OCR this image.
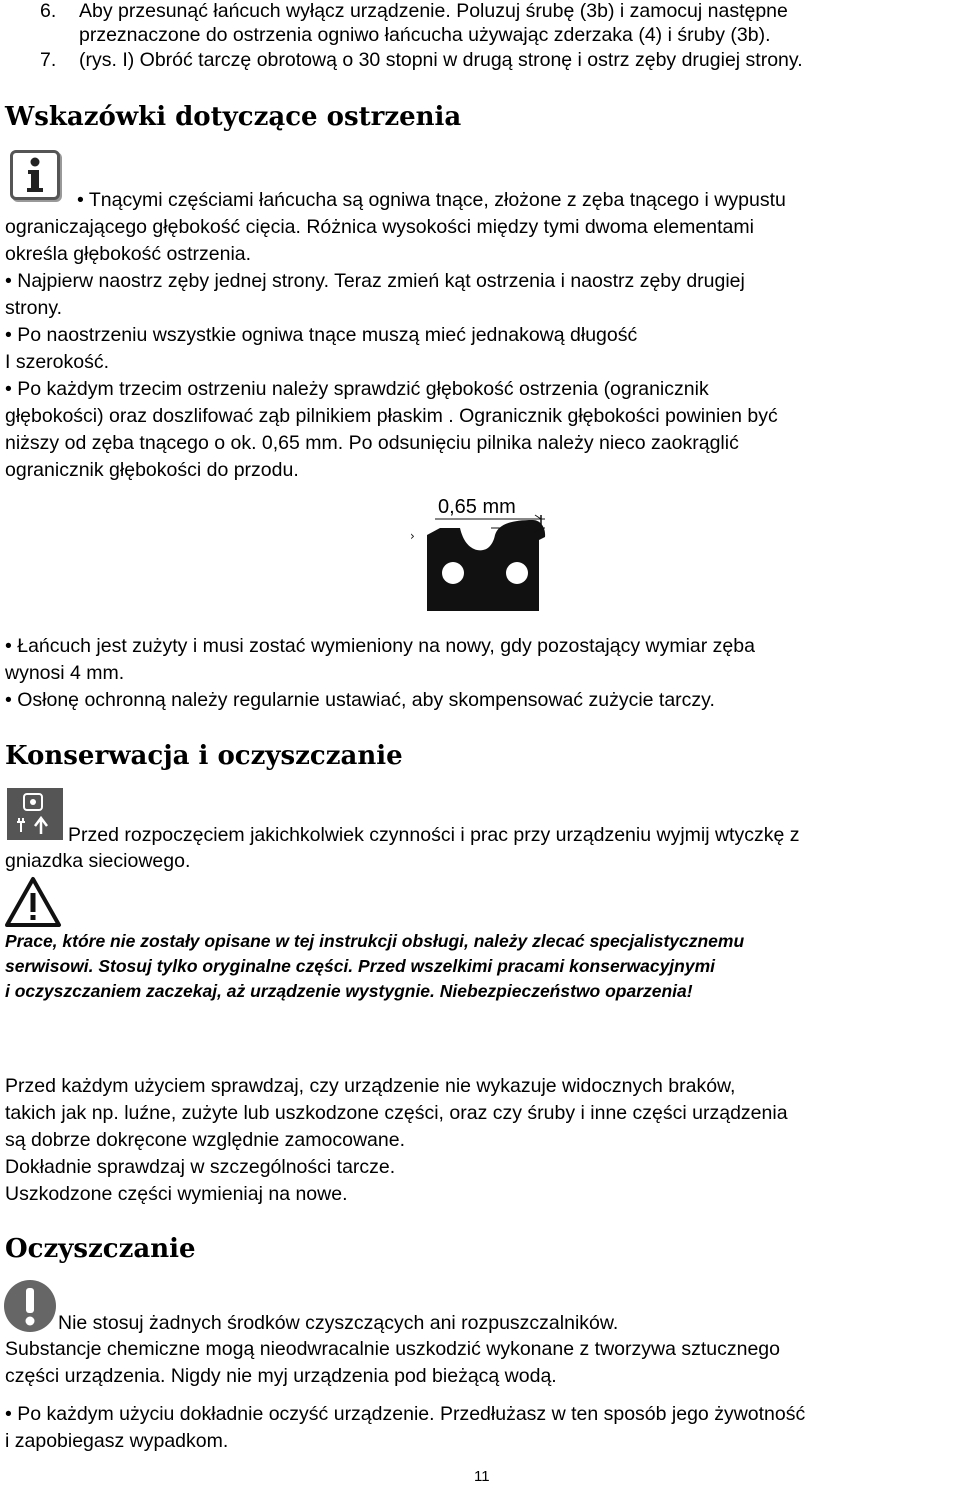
6. Aby przesunąć łańcuch wyłącz urządzenie. Poluzuj śrubę (3b) i zamocuj następne
przeznaczone do ostrzenia ogniwo łańcucha używając zderzaka (4) i śruby (3b).
7. (rys. I) Obróć tarczę obrotową o 30 stopni w drugą stronę i ostrz zęby drugiej strony.
Wskazówki dotyczące ostrzenia
• Tnącymi częściami łańcucha są ogniwa tnące, złożone z zęba tnącego i wypustu
ograniczającego głębokość cięcia. Różnica wysokości między tymi dwoma elementami
określa głębokość ostrzenia.
• Najpierw naostrz zęby jednej strony. Teraz zmień kąt ostrzenia i naostrz zęby drugiej
strony.
• Po naostrzeniu wszystkie ogniwa tnące muszą mieć jednakową długość
I szerokość.
• Po każdym trzecim ostrzeniu należy sprawdzić głębokość ostrzenia (ogranicznik
głębokości) oraz doszlifować ząb pilnikiem płaskim . Ogranicznik głębokości powinien być
niższy od zęba tnącego o ok. 0,65 mm. Po odsunięciu pilnika należy nieco zaokrąglić
ogranicznik głębokości do przodu.
›
0,65 mm
• Łańcuch jest zużyty i musi zostać wymieniony na nowy, gdy pozostający wymiar zęba
wynosi 4 mm.
• Osłonę ochronną należy regularnie ustawiać, aby skompensować zużycie tarczy.
Konserwacja i oczyszczanie
Przed rozpoczęciem jakichkolwiek czynności i prac przy urządzeniu wyjmij wtyczkę z
gniazdka sieciowego.
Prace, które nie zostały opisane w tej instrukcji obsługi, należy zlecać specjalistycznemu
serwisowi. Stosuj tylko oryginalne części. Przed wszelkimi pracami konserwacyjnymi
i oczyszczaniem zaczekaj, aż urządzenie wystygnie. Niebezpieczeństwo oparzenia!
Przed każdym użyciem sprawdzaj, czy urządzenie nie wykazuje widocznych braków,
takich jak np. luźne, zużyte lub uszkodzone części, oraz czy śruby i inne części urządzenia
są dobrze dokręcone względnie zamocowane.
Dokładnie sprawdzaj w szczególności tarcze.
Uszkodzone części wymieniaj na nowe.
Oczyszczanie
Nie stosuj żadnych środków czyszczących ani rozpuszczalników.
Substancje chemiczne mogą nieodwracalnie uszkodzić wykonane z tworzywa sztucznego
części urządzenia. Nigdy nie myj urządzenia pod bieżącą wodą.
• Po każdym użyciu dokładnie oczyść urządzenie. Przedłużasz w ten sposób jego żywotność
i zapobiegasz wypadkom.
11
